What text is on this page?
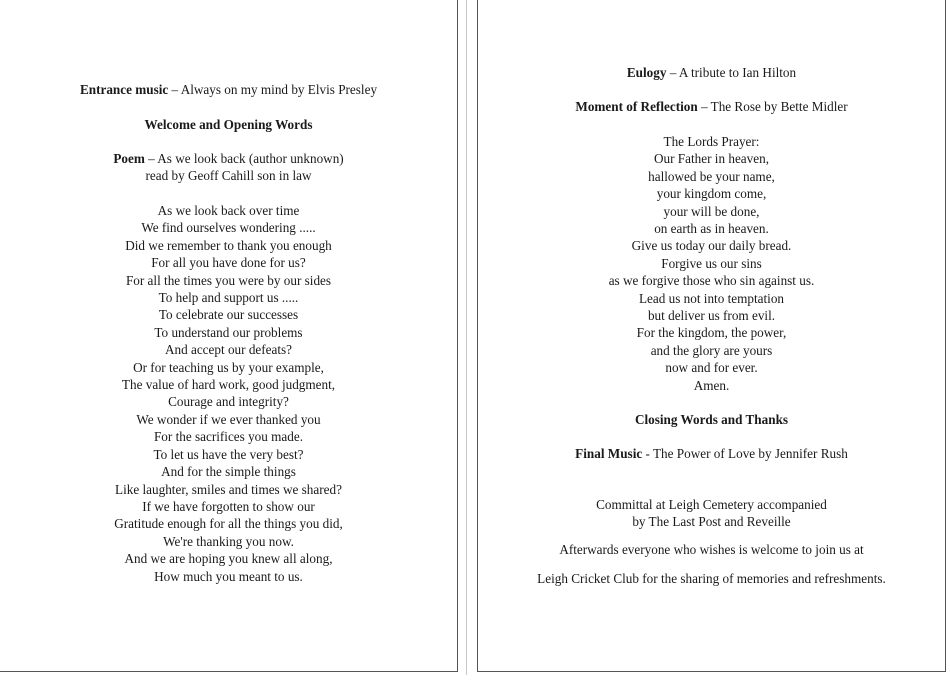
Entrance music – Always on my mind by Elvis Presley
Welcome and Opening Words
Poem – As we look back (author unknown)
read by Geoff Cahill son in law
As we look back over time
We find ourselves wondering .....
Did we remember to thank you enough
For all you have done for us?
For all the times you were by our sides
To help and support us .....
To celebrate our successes
To understand our problems
And accept our defeats?
Or for teaching us by your example,
The value of hard work, good judgment,
Courage and integrity?
We wonder if we ever thanked you
For the sacrifices you made.
To let us have the very best?
And for the simple things
Like laughter, smiles and times we shared?
If we have forgotten to show our
Gratitude enough for all the things you did,
We're thanking you now.
And we are hoping you knew all along,
How much you meant to us.
Eulogy – A tribute to Ian Hilton
Moment of Reflection – The Rose by Bette Midler
The Lords Prayer:
Our Father in heaven,
hallowed be your name,
your kingdom come,
your will be done,
on earth as in heaven.
Give us today our daily bread.
Forgive us our sins
as we forgive those who sin against us.
Lead us not into temptation
but deliver us from evil.
For the kingdom, the power,
and the glory are yours
now and for ever.
Amen.
Closing Words and Thanks
Final Music - The Power of Love by Jennifer Rush
Committal at Leigh Cemetery accompanied
by The Last Post and Reveille
Afterwards everyone who wishes is welcome to join us at
Leigh Cricket Club for the sharing of memories and refreshments.
